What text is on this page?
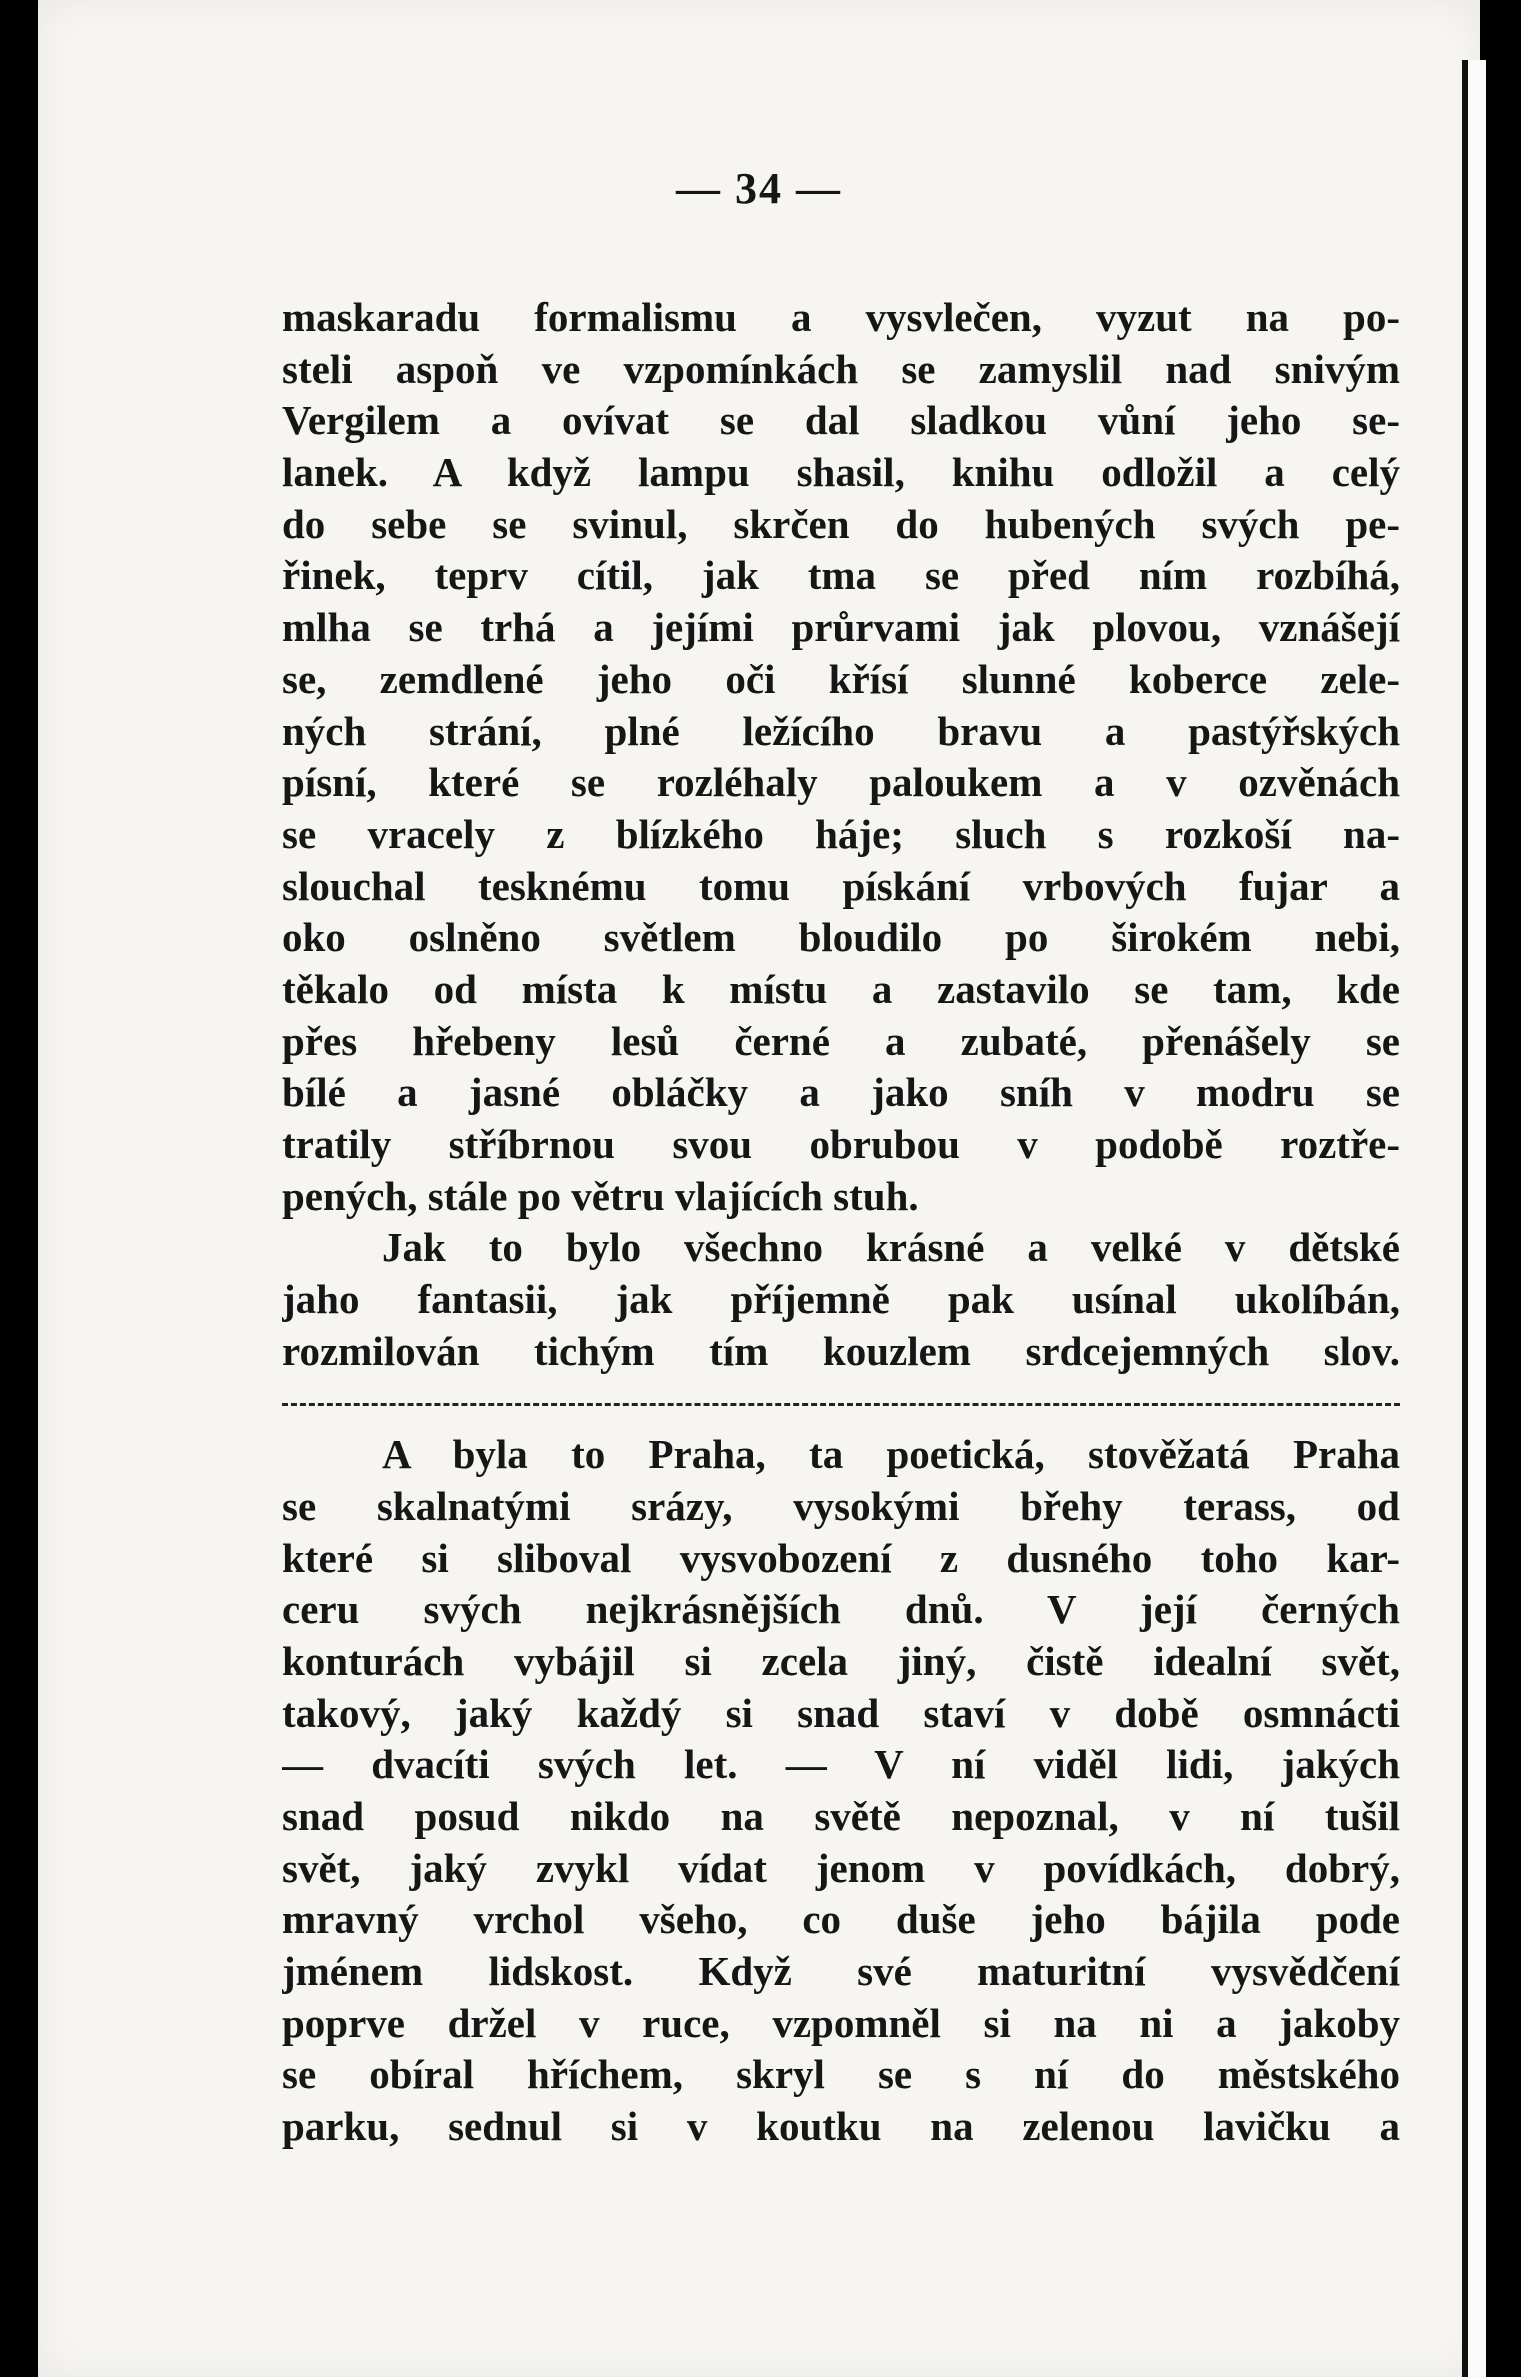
— 34 —
maskaradu formalismu a vysvlečen, vyzut na po-
steli aspoň ve vzpomínkách se zamyslil nad snivým
Vergilem a ovívat se dal sladkou vůní jeho se-
lanek. A když lampu shasil, knihu odložil a celý
do sebe se svinul, skrčen do hubených svých pe-
řinek, teprv cítil, jak tma se před ním rozbíhá,
mlha se trhá a jejími průrvami jak plovou, vznášejí
se, zemdlené jeho oči křísí slunné koberce zele-
ných strání, plné ležícího bravu a pastýřských
písní, které se rozléhaly paloukem a v ozvěnách
se vracely z blízkého háje; sluch s rozkoší na-
slouchal tesknému tomu pískání vrbových fujar a
oko oslněno světlem bloudilo po širokém nebi,
těkalo od místa k místu a zastavilo se tam, kde
přes hřebeny lesů černé a zubaté, přenášely se
bílé a jasné obláčky a jako sníh v modru se
tratily stříbrnou svou obrubou v podobě roztře-
pených, stále po větru vlajících stuh.
Jak to bylo všechno krásné a velké v dětské
jaho fantasii, jak příjemně pak usínal ukolíbán,
rozmilován tichým tím kouzlem srdcejemných slov.
A byla to Praha, ta poetická, stověžatá Praha
se skalnatými srázy, vysokými břehy terass, od
které si sliboval vysvobození z dusného toho kar-
ceru svých nejkrásnějších dnů. V její černých
konturách vybájil si zcela jiný, čistě idealní svět,
takový, jaký každý si snad staví v době osmnácti
— dvacíti svých let. — V ní viděl lidi, jakých
snad posud nikdo na světě nepoznal, v ní tušil
svět, jaký zvykl vídat jenom v povídkách, dobrý,
mravný vrchol všeho, co duše jeho bájila pode
jménem lidskost. Když své maturitní vysvědčení
poprve držel v ruce, vzpomněl si na ni a jakoby
se obíral hříchem, skryl se s ní do městského
parku, sednul si v koutku na zelenou lavičku a
